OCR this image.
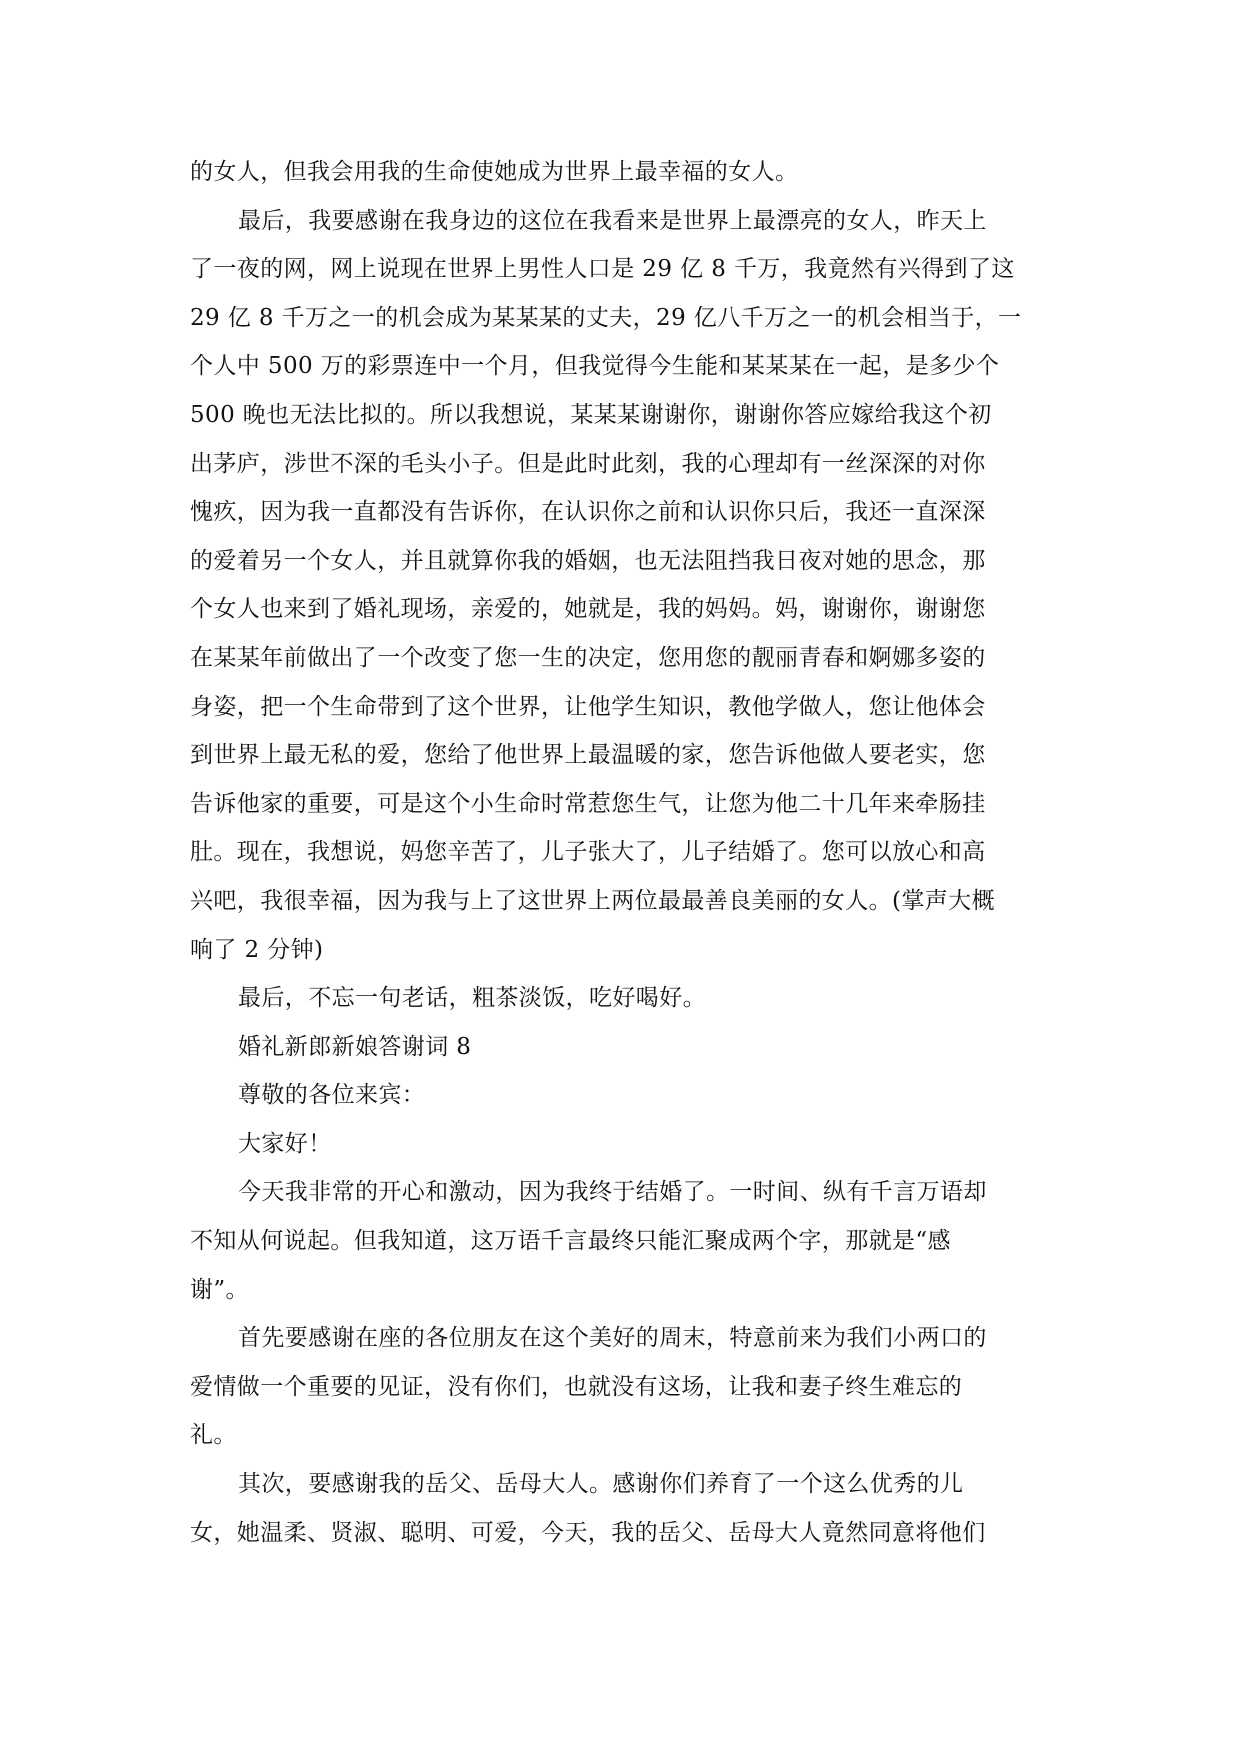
的女人，但我会用我的生命使她成为世界上最幸福的女人。
最后，我要感谢在我身边的这位在我看来是世界上最漂亮的女人，昨天上
了一夜的网，网上说现在世界上男性人口是 29 亿 8 千万，我竟然有兴得到了这
29 亿 8 千万之一的机会成为某某某的丈夫，29 亿八千万之一的机会相当于，一
个人中 500 万的彩票连中一个月，但我觉得今生能和某某某在一起，是多少个
500 晚也无法比拟的。所以我想说，某某某谢谢你，谢谢你答应嫁给我这个初
出茅庐，涉世不深的毛头小子。但是此时此刻，我的心理却有一丝深深的对你
愧疚，因为我一直都没有告诉你，在认识你之前和认识你只后，我还一直深深
的爱着另一个女人，并且就算你我的婚姻，也无法阻挡我日夜对她的思念，那
个女人也来到了婚礼现场，亲爱的，她就是，我的妈妈。妈，谢谢你，谢谢您
在某某年前做出了一个改变了您一生的决定，您用您的靓丽青春和婀娜多姿的
身姿，把一个生命带到了这个世界，让他学生知识，教他学做人，您让他体会
到世界上最无私的爱，您给了他世界上最温暖的家，您告诉他做人要老实，您
告诉他家的重要，可是这个小生命时常惹您生气，让您为他二十几年来牵肠挂
肚。现在，我想说，妈您辛苦了，儿子张大了，儿子结婚了。您可以放心和高
兴吧，我很幸福，因为我与上了这世界上两位最最善良美丽的女人。(掌声大概
响了 2 分钟)
最后，不忘一句老话，粗茶淡饭，吃好喝好。
婚礼新郎新娘答谢词 8
尊敬的各位来宾：
大家好！
今天我非常的开心和激动，因为我终于结婚了。一时间、纵有千言万语却
不知从何说起。但我知道，这万语千言最终只能汇聚成两个字，那就是“感
谢”。
首先要感谢在座的各位朋友在这个美好的周末，特意前来为我们小两口的
爱情做一个重要的见证，没有你们，也就没有这场，让我和妻子终生难忘的
礼。
其次，要感谢我的岳父、岳母大人。感谢你们养育了一个这么优秀的儿
女，她温柔、贤淑、聪明、可爱，今天，我的岳父、岳母大人竟然同意将他们
